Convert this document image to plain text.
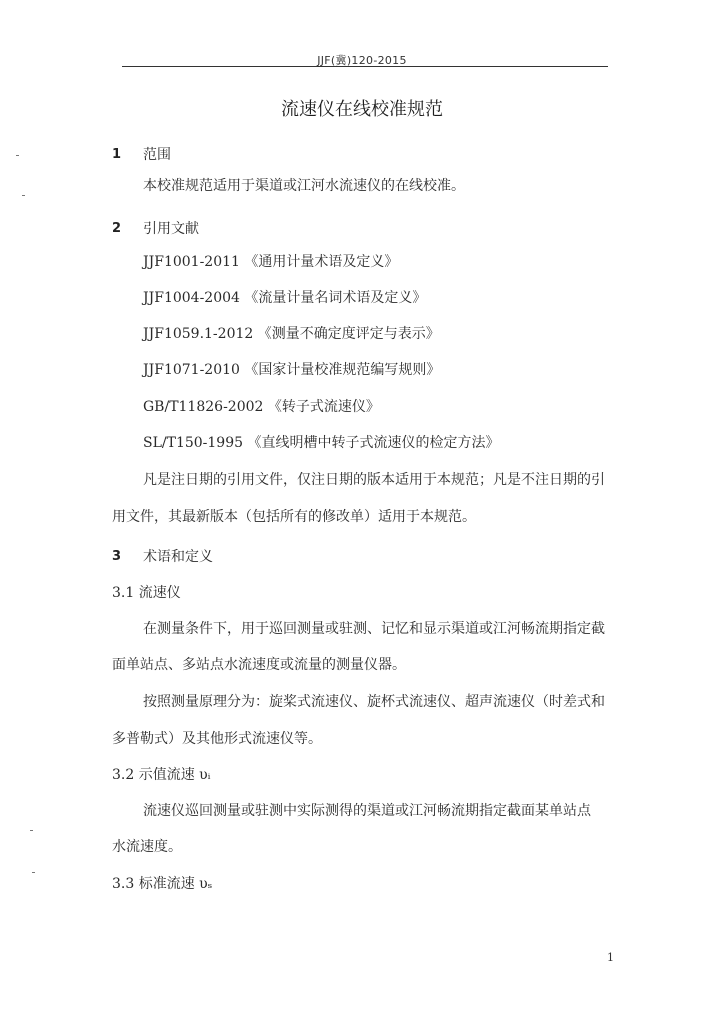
JJF(冀)120-2015
流速仪在线校准规范
1 范围
本校准规范适用于渠道或江河水流速仪的在线校准。
2 引用文献
JJF1001-2011 《通用计量术语及定义》
JJF1004-2004 《流量计量名词术语及定义》
JJF1059.1-2012 《测量不确定度评定与表示》
JJF1071-2010 《国家计量校准规范编写规则》
GB/T11826-2002 《转子式流速仪》
SL/T150-1995 《直线明槽中转子式流速仪的检定方法》
凡是注日期的引用文件，仅注日期的版本适用于本规范；凡是不注日期的引
用文件，其最新版本（包括所有的修改单）适用于本规范。
3 术语和定义
3.1 流速仪
在测量条件下，用于巡回测量或驻测、记忆和显示渠道或江河畅流期指定截
面单站点、多站点水流速度或流量的测量仪器。
按照测量原理分为：旋桨式流速仪、旋杯式流速仪、超声流速仪（时差式和
多普勒式）及其他形式流速仪等。
3.2 示值流速 υᵢ
流速仪巡回测量或驻测中实际测得的渠道或江河畅流期指定截面某单站点
水流速度。
3.3 标准流速 υₛ
1
